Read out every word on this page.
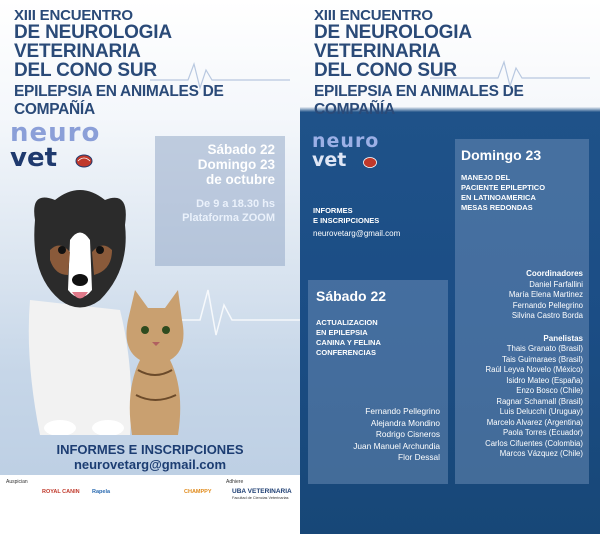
XIII ENCUENTRO
DE NEUROLOGIA VETERINARIA
DEL CONO SUR
EPILEPSIA EN ANIMALES DE COMPAÑÍA
neuro
vet	Sábado 22
Domingo 23
de octubre
De 9 a 18.30 hs
Plataforma ZOOM
INFORMES E INSCRIPCIONES
neurovetarg@gmail.com
Auspician	Adhiere
ROYAL CANIN Rapela	CHAMPPY	UBA VETERINARIA
Facultad de Ciencias Veterinarias
XIII ENCUENTRO
DE NEUROLOGIA VETERINARIA
DEL CONO SUR
EPILEPSIA EN ANIMALES DE COMPAÑÍA
neuro
vet
INFORMES
E INSCRIPCIONES
neurovetarg@gmail.com
Domingo 23
MANEJO DEL
PACIENTE EPILEPTICO
EN LATINOAMERICA
MESAS REDONDAS
Coordinadores
Daniel Farfallini
María Elena Martinez
Fernando Pellegrino
Silvina Castro Borda
Panelistas
Thais Granato (Brasil)
Tais Guimaraes (Brasil)
Raúl Leyva Novelo (México)
Isidro Mateo (España)
Enzo Bosco (Chile)
Ragnar Schamall (Brasil)
Luis Delucchi (Uruguay)
Marcelo Alvarez (Argentina)
Paola Torres (Ecuador)
Carlos Cifuentes (Colombia)
Marcos Vázquez (Chile)
Sábado 22
ACTUALIZACION
EN EPILEPSIA
CANINA Y FELINA
CONFERENCIAS
Fernando Pellegrino
Alejandra Mondino
Rodrigo Cisneros
Juan Manuel Archundia
Flor Dessal
